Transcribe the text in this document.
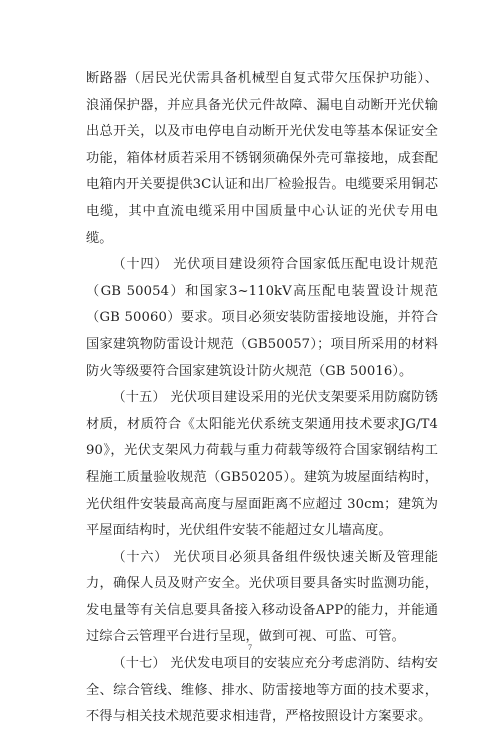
断路器（居民光伏需具备机械型自复式带欠压保护功能）、浪涌保护器，并应具备光伏元件故障、漏电自动断开光伏输出总开关，以及市电停电自动断开光伏发电等基本保证安全功能，箱体材质若采用不锈钢须确保外壳可靠接地，成套配电箱内开关要提供3C认证和出厂检验报告。电缆要采用铜芯电缆，其中直流电缆采用中国质量中心认证的光伏专用电缆。

（十四） 光伏项目建设须符合国家低压配电设计规范（GB 50054）和国家3~110kV高压配电装置设计规范（GB 50060）要求。项目必须安装防雷接地设施，并符合国家建筑物防雷设计规范（GB50057）；项目所采用的材料防火等级要符合国家建筑设计防火规范（GB 50016）。

（十五） 光伏项目建设采用的光伏支架要采用防腐防锈材质，材质符合《太阳能光伏系统支架通用技术要求JG/T490》，光伏支架风力荷载与重力荷载等级符合国家钢结构工程施工质量验收规范（GB50205）。建筑为坡屋面结构时，光伏组件安装最高高度与屋面距离不应超过 30cm；建筑为平屋面结构时，光伏组件安装不能超过女儿墙高度。

（十六） 光伏项目必须具备组件级快速关断及管理能力，确保人员及财产安全。光伏项目要具备实时监测功能，发电量等有关信息要具备接入移动设备APP的能力，并能通过综合云管理平台进行呈现，做到可视、可监、可管。

（十七） 光伏发电项目的安装应充分考虑消防、结构安全、综合管线、维修、排水、防雷接地等方面的技术要求，不得与相关技术规范要求相违背，严格按照设计方案要求。

7
